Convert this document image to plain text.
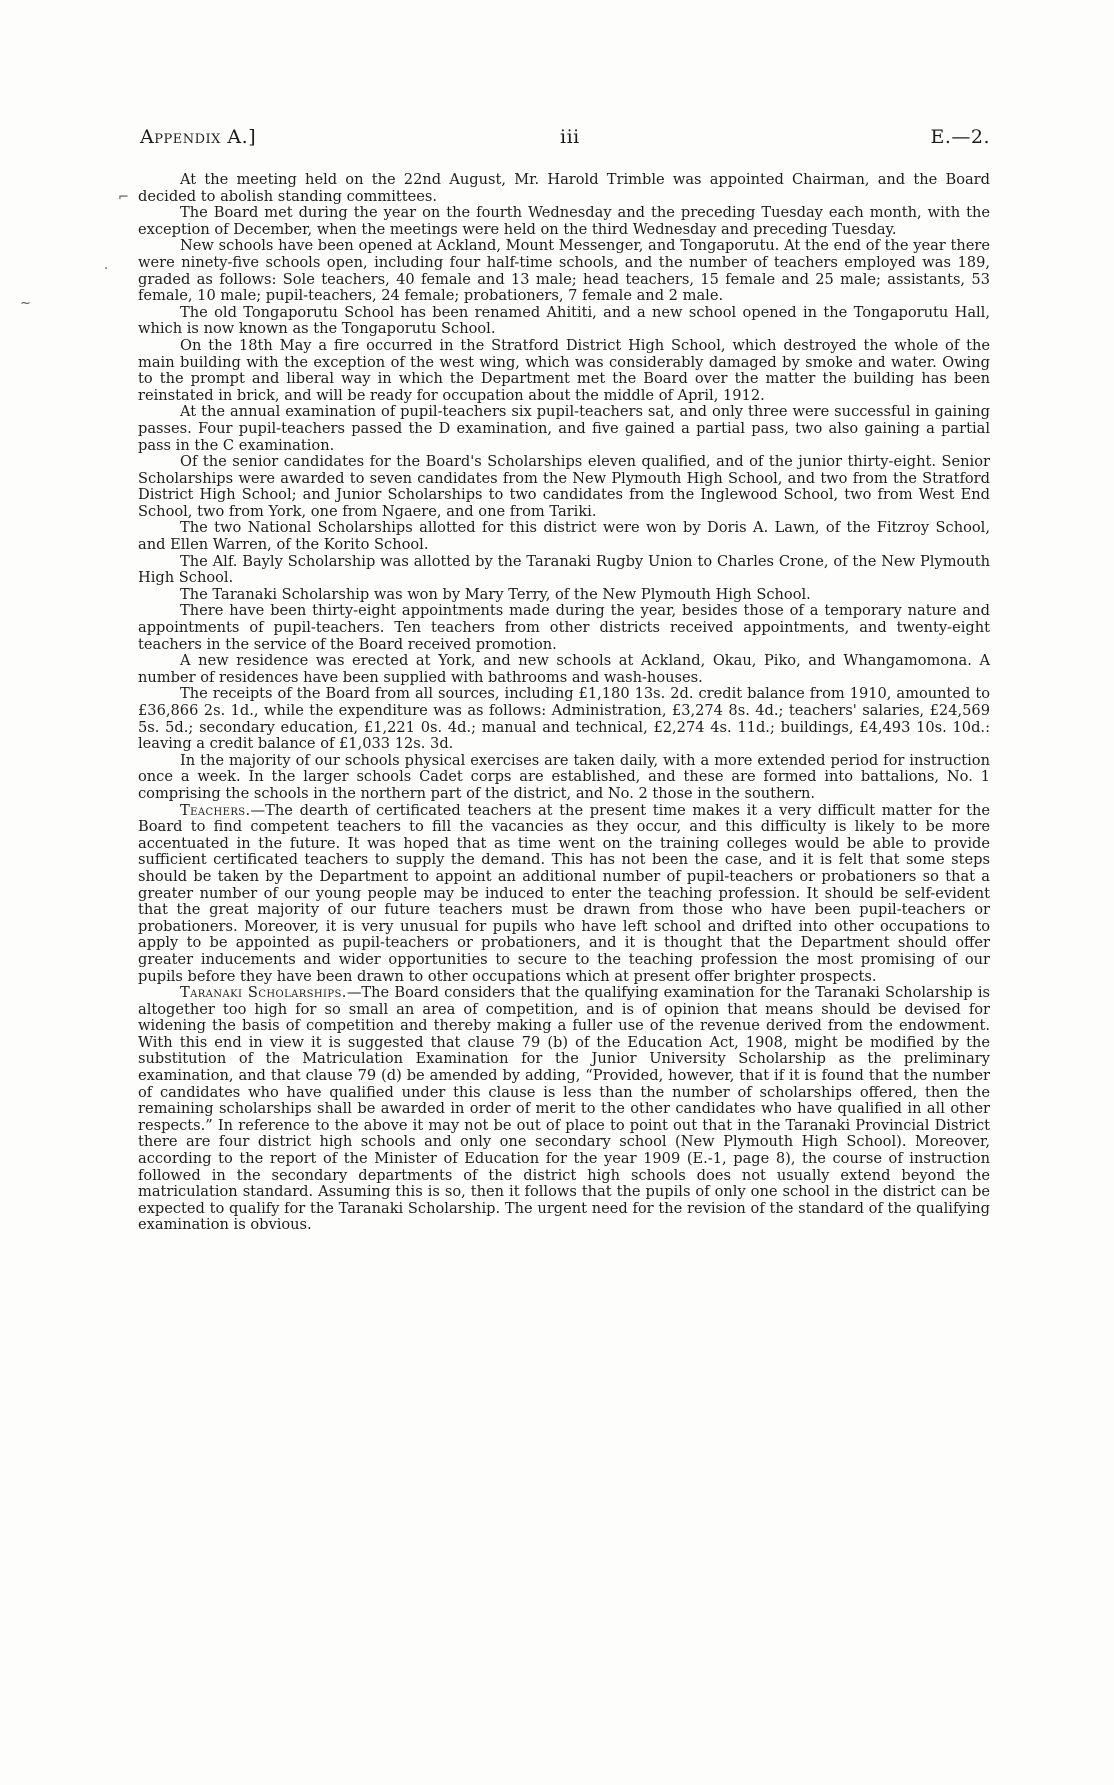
Appendix A.]	iii	E.—2.
⌐
·
~

At the meeting held on the 22nd August, Mr. Harold Trimble was appointed Chairman, and the Board decided to abolish standing committees.

The Board met during the year on the fourth Wednesday and the preceding Tuesday each month, with the exception of December, when the meetings were held on the third Wednesday and preceding Tuesday.

New schools have been opened at Ackland, Mount Messenger, and Tongaporutu. At the end of the year there were ninety-five schools open, including four half-time schools, and the number of teachers employed was 189, graded as follows: Sole teachers, 40 female and 13 male; head teachers, 15 female and 25 male; assistants, 53 female, 10 male; pupil-teachers, 24 female; probationers, 7 female and 2 male.

The old Tongaporutu School has been renamed Ahititi, and a new school opened in the Tongaporutu Hall, which is now known as the Tongaporutu School.

On the 18th May a fire occurred in the Stratford District High School, which destroyed the whole of the main building with the exception of the west wing, which was considerably damaged by smoke and water. Owing to the prompt and liberal way in which the Department met the Board over the matter the building has been reinstated in brick, and will be ready for occupation about the middle of April, 1912.

At the annual examination of pupil-teachers six pupil-teachers sat, and only three were successful in gaining passes. Four pupil-teachers passed the D examination, and five gained a partial pass, two also gaining a partial pass in the C examination.

Of the senior candidates for the Board's Scholarships eleven qualified, and of the junior thirty-eight. Senior Scholarships were awarded to seven candidates from the New Plymouth High School, and two from the Stratford District High School; and Junior Scholarships to two candidates from the Inglewood School, two from West End School, two from York, one from Ngaere, and one from Tariki.

The two National Scholarships allotted for this district were won by Doris A. Lawn, of the Fitzroy School, and Ellen Warren, of the Korito School.

The Alf. Bayly Scholarship was allotted by the Taranaki Rugby Union to Charles Crone, of the New Plymouth High School.

The Taranaki Scholarship was won by Mary Terry, of the New Plymouth High School.

There have been thirty-eight appointments made during the year, besides those of a temporary nature and appointments of pupil-teachers. Ten teachers from other districts received appointments, and twenty-eight teachers in the service of the Board received promotion.

A new residence was erected at York, and new schools at Ackland, Okau, Piko, and Whangamomona. A number of residences have been supplied with bathrooms and wash-houses.

The receipts of the Board from all sources, including £1,180 13s. 2d. credit balance from 1910, amounted to £36,866 2s. 1d., while the expenditure was as follows: Administration, £3,274 8s. 4d.; teachers' salaries, £24,569 5s. 5d.; secondary education, £1,221 0s. 4d.; manual and technical, £2,274 4s. 11d.; buildings, £4,493 10s. 10d.: leaving a credit balance of £1,033 12s. 3d.

In the majority of our schools physical exercises are taken daily, with a more extended period for instruction once a week. In the larger schools Cadet corps are established, and these are formed into battalions, No. 1 comprising the schools in the northern part of the district, and No. 2 those in the southern.

Teachers.—The dearth of certificated teachers at the present time makes it a very difficult matter for the Board to find competent teachers to fill the vacancies as they occur, and this difficulty is likely to be more accentuated in the future. It was hoped that as time went on the training colleges would be able to provide sufficient certificated teachers to supply the demand. This has not been the case, and it is felt that some steps should be taken by the Department to appoint an additional number of pupil-teachers or probationers so that a greater number of our young people may be induced to enter the teaching profession. It should be self-evident that the great majority of our future teachers must be drawn from those who have been pupil-teachers or probationers. Moreover, it is very unusual for pupils who have left school and drifted into other occupations to apply to be appointed as pupil-teachers or probationers, and it is thought that the Department should offer greater inducements and wider opportunities to secure to the teaching profession the most promising of our pupils before they have been drawn to other occupations which at present offer brighter prospects.

Taranaki Scholarships.—The Board considers that the qualifying examination for the Taranaki Scholarship is altogether too high for so small an area of competition, and is of opinion that means should be devised for widening the basis of competition and thereby making a fuller use of the revenue derived from the endowment. With this end in view it is suggested that clause 79 (b) of the Education Act, 1908, might be modified by the substitution of the Matriculation Examination for the Junior University Scholarship as the preliminary examination, and that clause 79 (d) be amended by adding, “Provided, however, that if it is found that the number of candidates who have qualified under this clause is less than the number of scholarships offered, then the remaining scholarships shall be awarded in order of merit to the other candidates who have qualified in all other respects.” In reference to the above it may not be out of place to point out that in the Taranaki Provincial District there are four district high schools and only one secondary school (New Plymouth High School). Moreover, according to the report of the Minister of Education for the year 1909 (E.-1, page 8), the course of instruction followed in the secondary departments of the district high schools does not usually extend beyond the matriculation standard. Assuming this is so, then it follows that the pupils of only one school in the district can be expected to qualify for the Taranaki Scholarship. The urgent need for the revision of the standard of the qualifying examination is obvious.
